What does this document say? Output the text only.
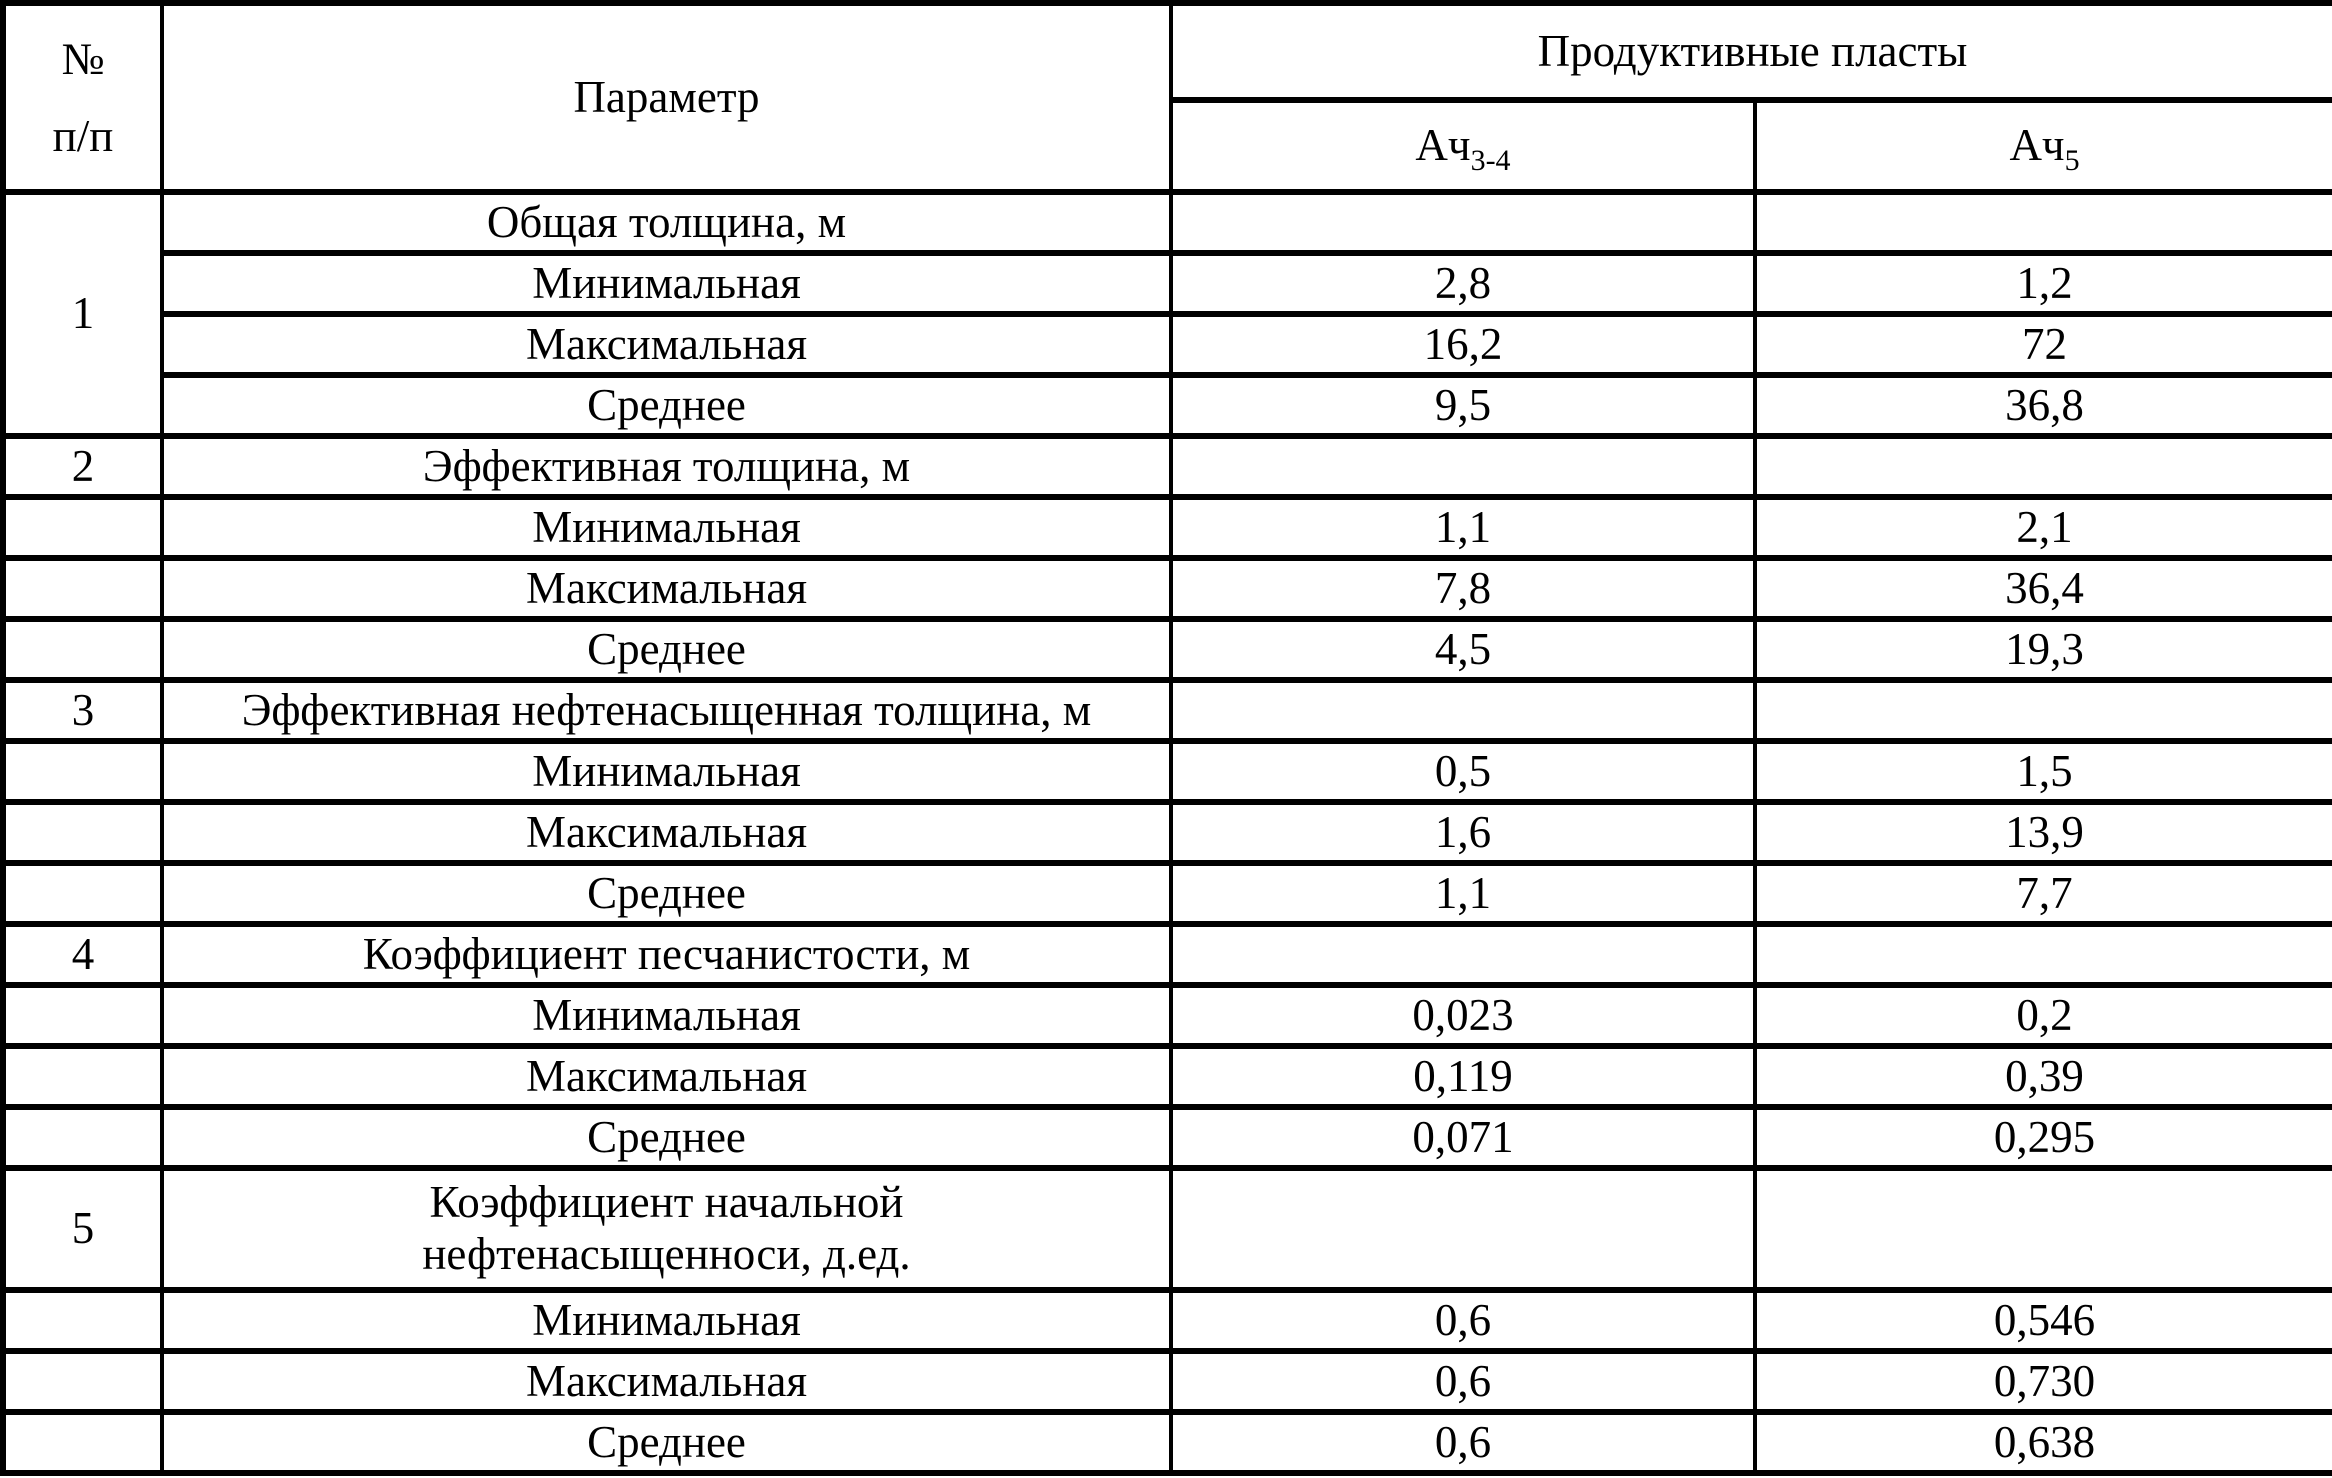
№
п/п	Параметр	Продуктивные пласты	
		$Ач_{3-4}$	$Ач_5$
1	Общая толщина, м		
	Минимальная	2,8	1,2
	Максимальная	16,2	72
	Среднее	9,5	36,8
2	Эффективная толщина, м		
	Минимальная	1,1	2,1
	Максимальная	7,8	36,4
	Среднее	4,5	19,3
3	Эффективная нефтенасыщенная толщина, м		
	Минимальная	0,5	1,5
	Максимальная	1,6	13,9
	Среднее	1,1	7,7
4	Коэффициент песчанистости, м		
	Минимальная	0,023	0,2
	Максимальная	0,119	0,39
	Среднее	0,071	0,295
5	Коэффициент начальной
нефтенасыщенноси, д.ед.		

	Минимальная	0,6	0,546
	Максимальная	0,6	0,730
	Среднее	0,6	0,638
